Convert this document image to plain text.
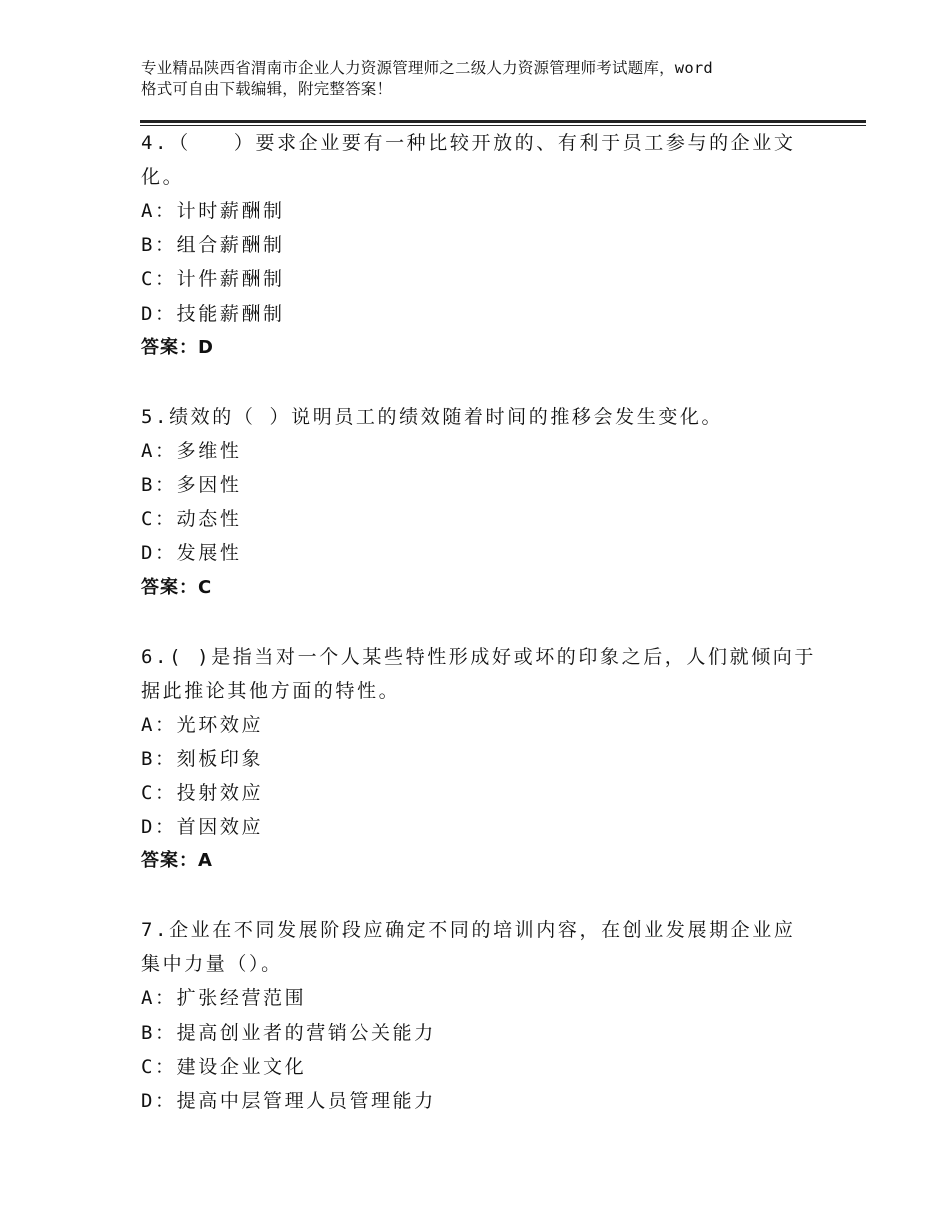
专业精品陕西省渭南市企业人力资源管理师之二级人力资源管理师考试题库，word
格式可自由下载编辑，附完整答案！
4.（　　）要求企业要有一种比较开放的、有利于员工参与的企业文
化。
A：计时薪酬制
B：组合薪酬制
C：计件薪酬制
D：技能薪酬制
答案：D
5.绩效的（ ）说明员工的绩效随着时间的推移会发生变化。
A：多维性
B：多因性
C：动态性
D：发展性
答案：C
6.( )是指当对一个人某些特性形成好或坏的印象之后，人们就倾向于
据此推论其他方面的特性。
A：光环效应
B：刻板印象
C：投射效应
D：首因效应
答案：A
7.企业在不同发展阶段应确定不同的培训内容，在创业发展期企业应
集中力量（）。
A：扩张经营范围
B：提高创业者的营销公关能力
C：建设企业文化
D：提高中层管理人员管理能力
